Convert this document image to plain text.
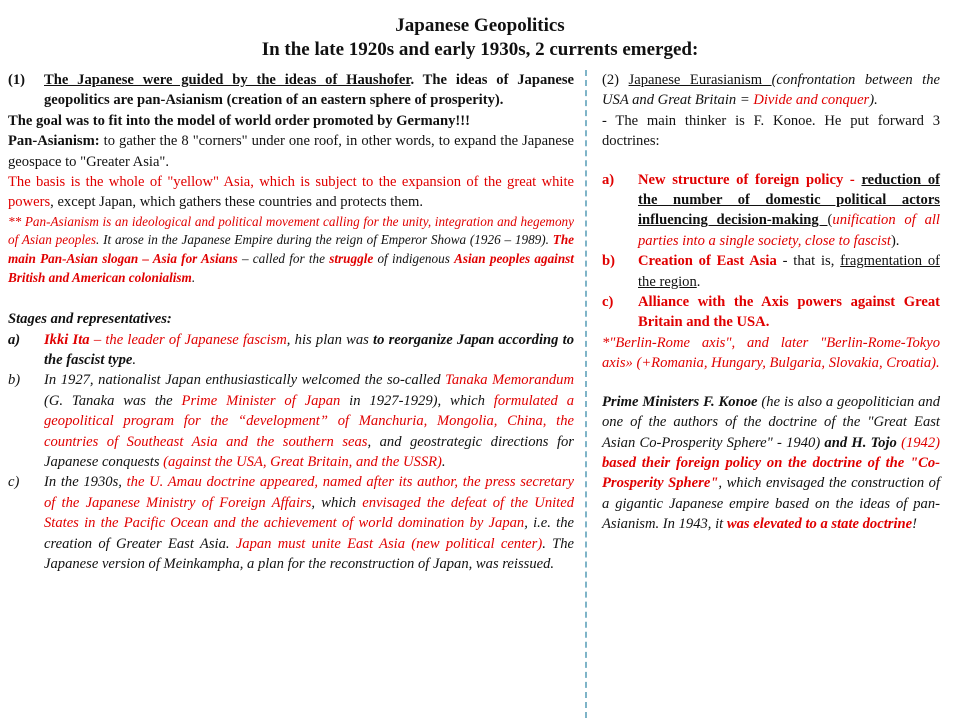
Japanese Geopolitics
In the late 1920s and early 1930s, 2 currents emerged:
(1)	The Japanese were guided by the ideas of Haushofer. The ideas of Japanese geopolitics are pan-Asianism (creation of an eastern sphere of prosperity).

The goal was to fit into the model of world order promoted by Germany!!!

Pan-Asianism: to gather the 8 "corners" under one roof, in other words, to expand the Japanese geospace to "Greater Asia".

The basis is the whole of "yellow" Asia, which is subject to the expansion of the great white powers, except Japan, which gathers these countries and protects them.

** Pan-Asianism is an ideological and political movement calling for the unity, integration and hegemony of Asian peoples. It arose in the Japanese Empire during the reign of Emperor Showa (1926 – 1989). The main Pan-Asian slogan – Asia for Asians – called for the struggle of indigenous Asian peoples against British and American colonialism.

Stages and representatives:

a)	Ikki Ita – the leader of Japanese fascism, his plan was to reorganize Japan according to the fascist type.
b)	In 1927, nationalist Japan enthusiastically welcomed the so-called Tanaka Memorandum (G. Tanaka was the Prime Minister of Japan in 1927-1929), which formulated a geopolitical program for the “development” of Manchuria, Mongolia, China, the countries of Southeast Asia and the southern seas, and geostrategic directions for Japanese conquests (against the USA, Great Britain, and the USSR).
c)	In the 1930s, the U. Amau doctrine appeared, named after its author, the press secretary of the Japanese Ministry of Foreign Affairs, which envisaged the defeat of the United States in the Pacific Ocean and the achievement of world domination by Japan, i.e. the creation of Greater East Asia. Japan must unite East Asia (new political center). The Japanese version of Meinkampha, a plan for the reconstruction of Japan, was reissued.

(2) Japanese Eurasianism (confrontation between the USA and Great Britain = Divide and conquer).

- The main thinker is F. Konoe. He put forward 3 doctrines:

a)	New structure of foreign policy - reduction of the number of domestic political actors influencing decision-making (unification of all parties into a single society, close to fascist).
b)	Creation of East Asia - that is, fragmentation of the region.
c)	Alliance with the Axis powers against Great Britain and the USA.

*"Berlin-Rome axis", and later "Berlin-Rome-Tokyo axis» (+Romania, Hungary, Bulgaria, Slovakia, Croatia).

Prime Ministers F. Konoe (he is also a geopolitician and one of the authors of the doctrine of the "Great East Asian Co-Prosperity Sphere" - 1940) and H. Tojo (1942) based their foreign policy on the doctrine of the "Co-Prosperity Sphere", which envisaged the construction of a gigantic Japanese empire based on the ideas of pan-Asianism. In 1943, it was elevated to a state doctrine!
